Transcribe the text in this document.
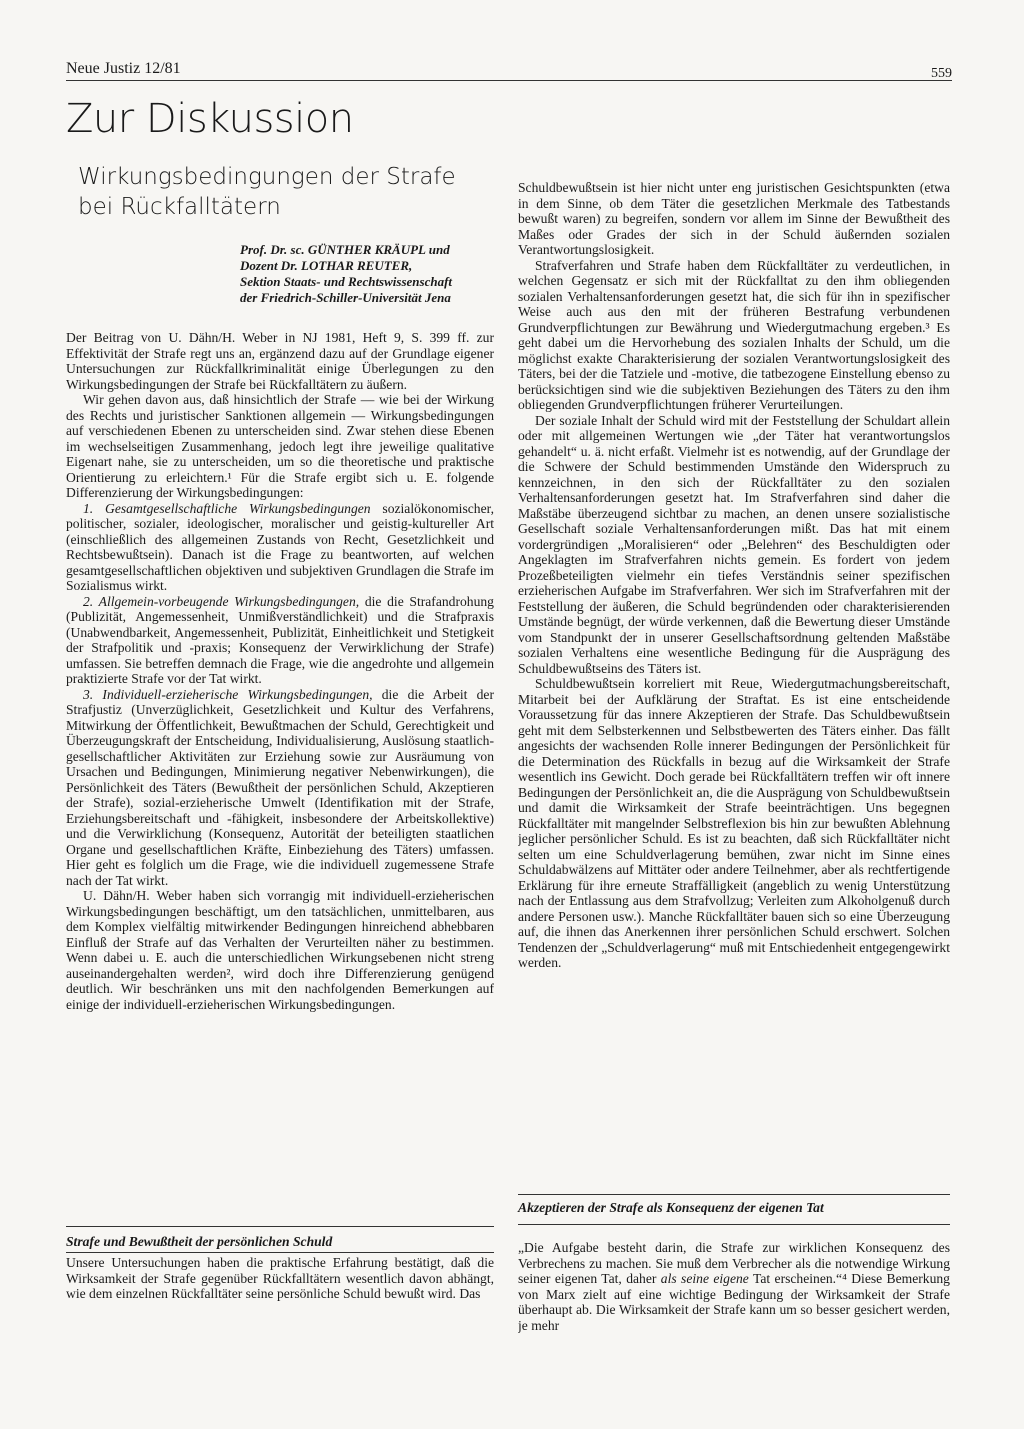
Neue Justiz 12/81	559
Zur Diskussion
Wirkungsbedingungen der Strafe
bei Rückfalltätern
Prof. Dr. sc. GÜNTHER KRÄUPL und
Dozent Dr. LOTHAR REUTER,
Sektion Staats- und Rechtswissenschaft
der Friedrich-Schiller-Universität Jena

Der Beitrag von U. Dähn/H. Weber in NJ 1981, Heft 9, S. 399 ff. zur Effektivität der Strafe regt uns an, ergänzend dazu auf der Grundlage eigener Untersuchungen zur Rückfallkriminalität einige Überlegungen zu den Wirkungsbedingungen der Strafe bei Rückfalltätern zu äußern.

Wir gehen davon aus, daß hinsichtlich der Strafe — wie bei der Wirkung des Rechts und juristischer Sanktionen allgemein — Wirkungsbedingungen auf verschiedenen Ebenen zu unterscheiden sind. Zwar stehen diese Ebenen im wechselseitigen Zusammenhang, jedoch legt ihre jeweilige qualitative Eigenart nahe, sie zu unterscheiden, um so die theoretische und praktische Orientierung zu erleichtern.¹ Für die Strafe ergibt sich u. E. folgende Differenzierung der Wirkungsbedingungen:

1. Gesamtgesellschaftliche Wirkungsbedingungen sozialökonomischer, politischer, sozialer, ideologischer, moralischer und geistig-kultureller Art (einschließlich des allgemeinen Zustands von Recht, Gesetzlichkeit und Rechtsbewußtsein). Danach ist die Frage zu beantworten, auf welchen gesamtgesellschaftlichen objektiven und subjektiven Grundlagen die Strafe im Sozialismus wirkt.

2. Allgemein-vorbeugende Wirkungsbedingungen, die die Strafandrohung (Publizität, Angemessenheit, Unmißverständlichkeit) und die Strafpraxis (Unabwendbarkeit, Angemessenheit, Publizität, Einheitlichkeit und Stetigkeit der Strafpolitik und -praxis; Konsequenz der Verwirklichung der Strafe) umfassen. Sie betreffen demnach die Frage, wie die angedrohte und allgemein praktizierte Strafe vor der Tat wirkt.

3. Individuell-erzieherische Wirkungsbedingungen, die die Arbeit der Strafjustiz (Unverzüglichkeit, Gesetzlichkeit und Kultur des Verfahrens, Mitwirkung der Öffentlichkeit, Bewußtmachen der Schuld, Gerechtigkeit und Überzeugungskraft der Entscheidung, Individualisierung, Auslösung staatlich-gesellschaftlicher Aktivitäten zur Erziehung sowie zur Ausräumung von Ursachen und Bedingungen, Minimierung negativer Nebenwirkungen), die Persönlichkeit des Täters (Bewußtheit der persönlichen Schuld, Akzeptieren der Strafe), sozial-erzieherische Umwelt (Identifikation mit der Strafe, Erziehungsbereitschaft und -fähigkeit, insbesondere der Arbeitskollektive) und die Verwirklichung (Konsequenz, Autorität der beteiligten staatlichen Organe und gesellschaftlichen Kräfte, Einbeziehung des Täters) umfassen. Hier geht es folglich um die Frage, wie die individuell zugemessene Strafe nach der Tat wirkt.

U. Dähn/H. Weber haben sich vorrangig mit individuell-erzieherischen Wirkungsbedingungen beschäftigt, um den tatsächlichen, unmittelbaren, aus dem Komplex vielfältig mitwirkender Bedingungen hinreichend abhebbaren Einfluß der Strafe auf das Verhalten der Verurteilten näher zu bestimmen. Wenn dabei u. E. auch die unterschiedlichen Wirkungsebenen nicht streng auseinandergehalten werden², wird doch ihre Differenzierung genügend deutlich. Wir beschränken uns mit den nachfolgenden Bemerkungen auf einige der individuell-erzieherischen Wirkungsbedingungen.

Strafe und Bewußtheit der persönlichen Schuld

Unsere Untersuchungen haben die praktische Erfahrung bestätigt, daß die Wirksamkeit der Strafe gegenüber Rückfalltätern wesentlich davon abhängt, wie dem einzelnen Rückfalltäter seine persönliche Schuld bewußt wird. Das

Schuldbewußtsein ist hier nicht unter eng juristischen Gesichtspunkten (etwa in dem Sinne, ob dem Täter die gesetzlichen Merkmale des Tatbestands bewußt waren) zu begreifen, sondern vor allem im Sinne der Bewußtheit des Maßes oder Grades der sich in der Schuld äußernden sozialen Verantwortungslosigkeit.

Strafverfahren und Strafe haben dem Rückfalltäter zu verdeutlichen, in welchen Gegensatz er sich mit der Rückfalltat zu den ihm obliegenden sozialen Verhaltensanforderungen gesetzt hat, die sich für ihn in spezifischer Weise auch aus den mit der früheren Bestrafung verbundenen Grundverpflichtungen zur Bewährung und Wiedergutmachung ergeben.³ Es geht dabei um die Hervorhebung des sozialen Inhalts der Schuld, um die möglichst exakte Charakterisierung der sozialen Verantwortungslosigkeit des Täters, bei der die Tatziele und -motive, die tatbezogene Einstellung ebenso zu berücksichtigen sind wie die subjektiven Beziehungen des Täters zu den ihm obliegenden Grundverpflichtungen früherer Verurteilungen.

Der soziale Inhalt der Schuld wird mit der Feststellung der Schuldart allein oder mit allgemeinen Wertungen wie „der Täter hat verantwortungslos gehandelt“ u. ä. nicht erfaßt. Vielmehr ist es notwendig, auf der Grundlage der die Schwere der Schuld bestimmenden Umstände den Widerspruch zu kennzeichnen, in den sich der Rückfalltäter zu den sozialen Verhaltensanforderungen gesetzt hat. Im Strafverfahren sind daher die Maßstäbe überzeugend sichtbar zu machen, an denen unsere sozialistische Gesellschaft soziale Verhaltensanforderungen mißt. Das hat mit einem vordergründigen „Moralisieren“ oder „Belehren“ des Beschuldigten oder Angeklagten im Strafverfahren nichts gemein. Es fordert von jedem Prozeßbeteiligten vielmehr ein tiefes Verständnis seiner spezifischen erzieherischen Aufgabe im Strafverfahren. Wer sich im Strafverfahren mit der Feststellung der äußeren, die Schuld begründenden oder charakterisierenden Umstände begnügt, der würde verkennen, daß die Bewertung dieser Umstände vom Standpunkt der in unserer Gesellschaftsordnung geltenden Maßstäbe sozialen Verhaltens eine wesentliche Bedingung für die Ausprägung des Schuldbewußtseins des Täters ist.

Schuldbewußtsein korreliert mit Reue, Wiedergutmachungsbereitschaft, Mitarbeit bei der Aufklärung der Straftat. Es ist eine entscheidende Voraussetzung für das innere Akzeptieren der Strafe. Das Schuldbewußtsein geht mit dem Selbsterkennen und Selbstbewerten des Täters einher. Das fällt angesichts der wachsenden Rolle innerer Bedingungen der Persönlichkeit für die Determination des Rückfalls in bezug auf die Wirksamkeit der Strafe wesentlich ins Gewicht. Doch gerade bei Rückfalltätern treffen wir oft innere Bedingungen der Persönlichkeit an, die die Ausprägung von Schuldbewußtsein und damit die Wirksamkeit der Strafe beeinträchtigen. Uns begegnen Rückfalltäter mit mangelnder Selbstreflexion bis hin zur bewußten Ablehnung jeglicher persönlicher Schuld. Es ist zu beachten, daß sich Rückfalltäter nicht selten um eine Schuldverlagerung bemühen, zwar nicht im Sinne eines Schuldabwälzens auf Mittäter oder andere Teilnehmer, aber als rechtfertigende Erklärung für ihre erneute Straffälligkeit (angeblich zu wenig Unterstützung nach der Entlassung aus dem Strafvollzug; Verleiten zum Alkoholgenuß durch andere Personen usw.). Manche Rückfalltäter bauen sich so eine Überzeugung auf, die ihnen das Anerkennen ihrer persönlichen Schuld erschwert. Solchen Tendenzen der „Schuldverlagerung“ muß mit Entschiedenheit entgegengewirkt werden.

Akzeptieren der Strafe als Konsequenz der eigenen Tat

„Die Aufgabe besteht darin, die Strafe zur wirklichen Konsequenz des Verbrechens zu machen. Sie muß dem Verbrecher als die notwendige Wirkung seiner eigenen Tat, daher als seine eigene Tat erscheinen.“⁴ Diese Bemerkung von Marx zielt auf eine wichtige Bedingung der Wirksamkeit der Strafe überhaupt ab. Die Wirksamkeit der Strafe kann um so besser gesichert werden, je mehr
